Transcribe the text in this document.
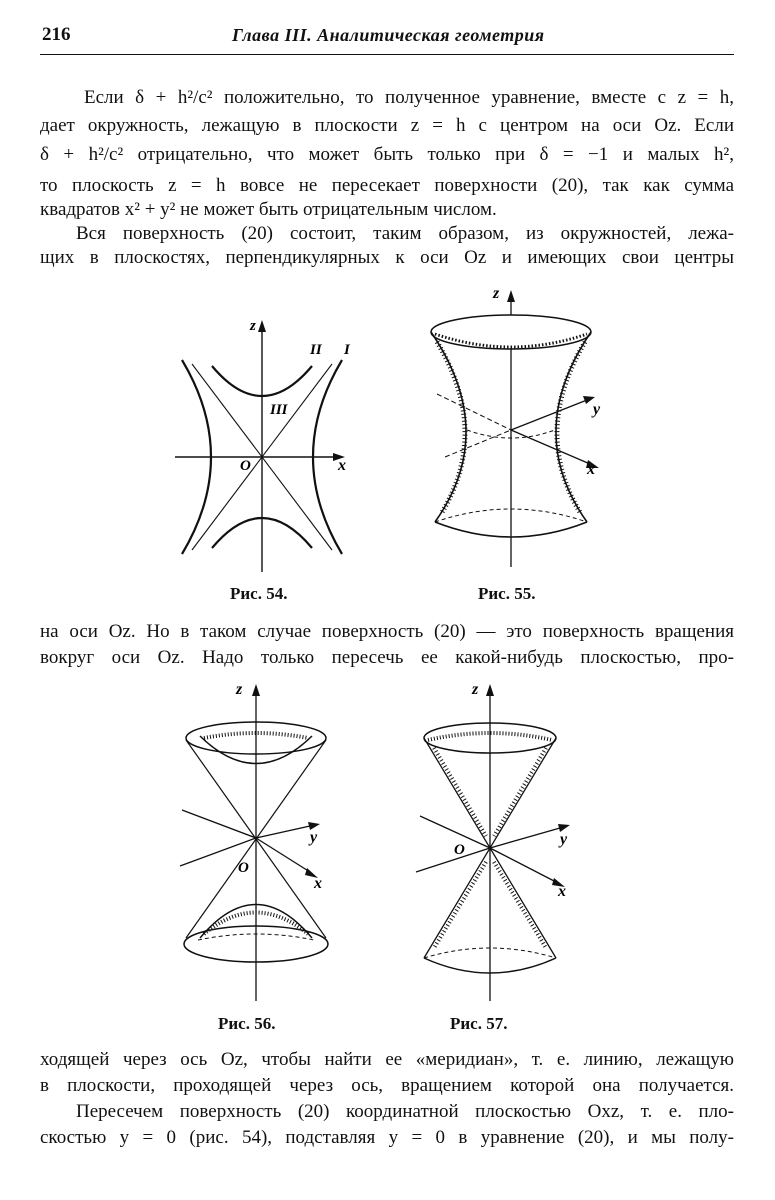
216	Глава III. Аналитическая геометрия
Если δ + h²/c² положительно, то полученное уравнение, вместе с z = h,
дает окружность, лежащую в плоскости z = h с центром на оси Oz. Если
δ + h²/c² отрицательно, что может быть только при δ = −1 и малых h²,
то плоскость z = h вовсе не пересекает поверхности (20), так как сумма
квадратов x² + y² не может быть отрицательным числом.
Вся поверхность (20) состоит, таким образом, из окружностей, лежа-
щих в плоскостях, перпендикулярных к оси Oz и имеющих свои центры
z
x
O
I
II
III
Рис. 54.
z
y
x
Рис. 55.
на оси Oz. Но в таком случае поверхность (20) — это поверхность вращения
вокруг оси Oz. Надо только пересечь ее какой-нибудь плоскостью, про-
z
y
x
O
Рис. 56.
z
y
x
O
Рис. 57.
ходящей через ось Oz, чтобы найти ее «меридиан», т. е. линию, лежащую
в плоскости, проходящей через ось, вращением которой она получается.
Пересечем поверхность (20) координатной плоскостью Oxz, т. е. пло-
скостью y = 0 (рис. 54), подставляя y = 0 в уравнение (20), и мы полу-
